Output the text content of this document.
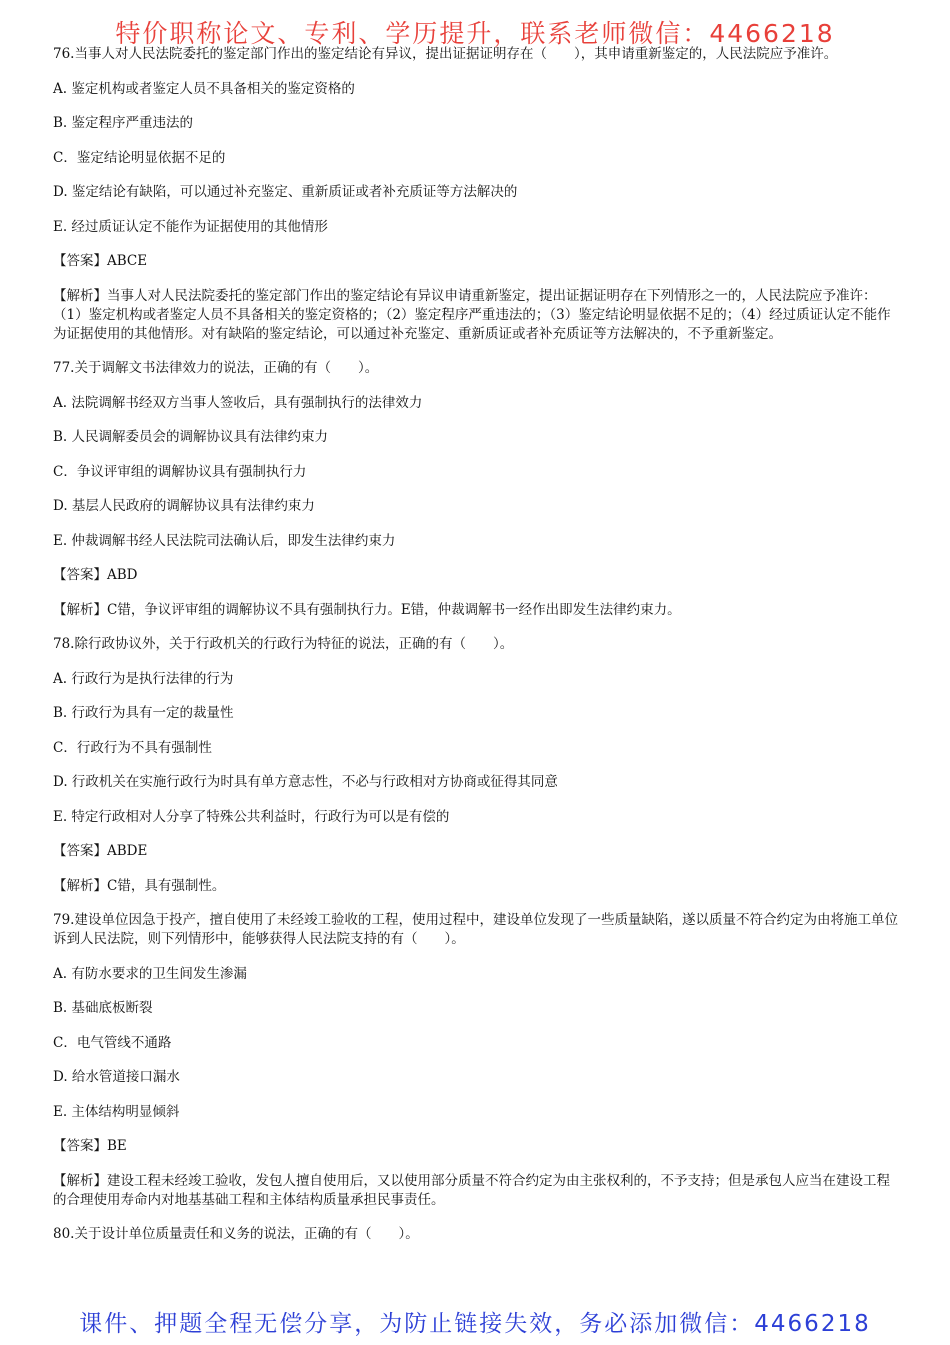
特价职称论文、专利、学历提升，联系老师微信：4466218
76.当事人对人民法院委托的鉴定部门作出的鉴定结论有异议，提出证据证明存在（　　），其申请重新鉴定的，人民法院应予准许。
A. 鉴定机构或者鉴定人员不具备相关的鉴定资格的
B. 鉴定程序严重违法的
C．鉴定结论明显依据不足的
D. 鉴定结论有缺陷，可以通过补充鉴定、重新质证或者补充质证等方法解决的
E. 经过质证认定不能作为证据使用的其他情形
【答案】ABCE
【解析】当事人对人民法院委托的鉴定部门作出的鉴定结论有异议申请重新鉴定，提出证据证明存在下列情形之一的，人民法院应予准许：（1）鉴定机构或者鉴定人员不具备相关的鉴定资格的；（2）鉴定程序严重违法的；（3）鉴定结论明显依据不足的；（4）经过质证认定不能作为证据使用的其他情形。对有缺陷的鉴定结论，可以通过补充鉴定、重新质证或者补充质证等方法解决的，不予重新鉴定。
77.关于调解文书法律效力的说法，正确的有（　　）。
A. 法院调解书经双方当事人签收后，具有强制执行的法律效力
B. 人民调解委员会的调解协议具有法律约束力
C．争议评审组的调解协议具有强制执行力
D. 基层人民政府的调解协议具有法律约束力
E. 仲裁调解书经人民法院司法确认后，即发生法律约束力
【答案】ABD
【解析】C错，争议评审组的调解协议不具有强制执行力。E错，仲裁调解书一经作出即发生法律约束力。
78.除行政协议外，关于行政机关的行政行为特征的说法，正确的有（　　）。
A. 行政行为是执行法律的行为
B. 行政行为具有一定的裁量性
C．行政行为不具有强制性
D. 行政机关在实施行政行为时具有单方意志性，不必与行政相对方协商或征得其同意
E. 特定行政相对人分享了特殊公共利益时，行政行为可以是有偿的
【答案】ABDE
【解析】C错，具有强制性。
79.建设单位因急于投产，擅自使用了未经竣工验收的工程，使用过程中，建设单位发现了一些质量缺陷，遂以质量不符合约定为由将施工单位诉到人民法院，则下列情形中，能够获得人民法院支持的有（　　）。
A. 有防水要求的卫生间发生渗漏
B. 基础底板断裂
C．电气管线不通路
D. 给水管道接口漏水
E. 主体结构明显倾斜
【答案】BE
【解析】建设工程未经竣工验收，发包人擅自使用后，又以使用部分质量不符合约定为由主张权利的，不予支持；但是承包人应当在建设工程的合理使用寿命内对地基基础工程和主体结构质量承担民事责任。
80.关于设计单位质量责任和义务的说法，正确的有（　　）。
课件、押题全程无偿分享，为防止链接失效，务必添加微信：4466218
